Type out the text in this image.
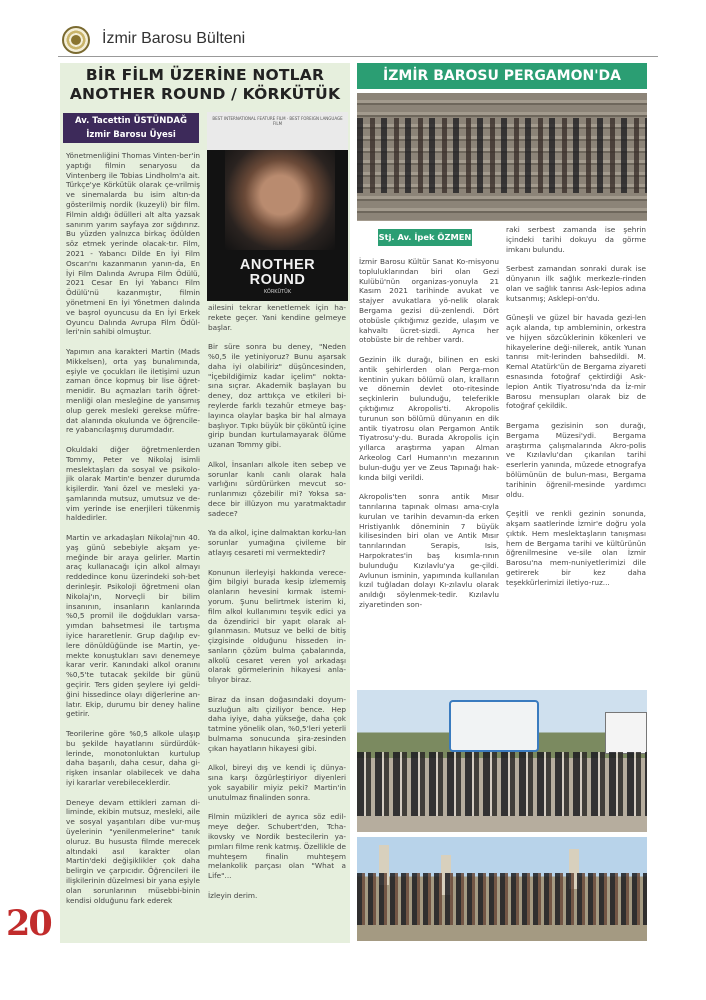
İzmir Barosu Bülteni
BİR FİLM ÜZERİNE NOTLAR
ANOTHER ROUND / KÖRKÜTÜK
Av. Tacettin ÜSTÜNDAĞ
İzmir Barosu Üyesi
BEST INTERNATIONAL FEATURE FILM · BEST FOREIGN LANGUAGE FILM
ANOTHER
ROUND
KÖRKÜTÜK

Yönetmenliğini Thomas Vinten-ber'in yaptığı filmin senaryosu da Vintenberg ile Tobias Lindholm'a ait. Türkçe'ye Körkütük olarak çe-vrilmiş ve sinemalarda bu isim altın-da gösterilmiş nordik (kuzeyli) bir film. Filmin aldığı ödülleri alt alta yazsak sanırım yarım sayfaya zor sığdırırız. Bu yüzden yalnızca birkaç ödülden söz etmek yerinde olacak-tır. Film, 2021 - Yabancı Dilde En İyi Film Oscarı'nı kazanmanın yanın-da, En İyi Film Dalında Avrupa Film Ödülü, 2021 Cesar En İyi Yabancı Film Ödülü'nü kazanmıştır, filmin yönetmeni En İyi Yönetmen dalında ve başrol oyuncusu da En İyi Erkek Oyuncu Dalında Avrupa Film Ödül-leri'nin sahibi olmuştur.

Yapımın ana karakteri Martin (Mads Mikkelsen), orta yaş bunalımında, eşiyle ve çocukları ile iletişimi uzun zaman önce kopmuş bir lise öğret-menidir. Bu açmazları tarih öğret-menliği olan mesleğine de yansımış olup gerek mesleki gerekse müfre-dat alanında okulunda ve öğrencile-re yabancılaşmış durumdadır.

Okuldaki diğer öğretmenlerden Tommy, Peter ve Nikolaj isimli meslektaşları da sosyal ve psikolo-jik olarak Martin'e benzer durumda kişilerdir. Yani özel ve mesleki ya-şamlarında mutsuz, umutsuz ve de-vim yerinde ise enerjileri tükenmiş haldedirler.

Martin ve arkadaşları Nikolaj'nın 40. yaş günü sebebiyle akşam ye-meğinde bir araya gelirler. Martin araç kullanacağı için alkol almayı reddedince konu üzerindeki soh-bet derinleşir. Psikoloji öğretmeni olan Nikolaj'ın, Norveçli bir bilim insanının, insanların kanlarında %0,5 promil ile doğdukları varsa-yımdan bahsetmesi ile tartışma iyice hararetlenir. Grup dağılıp ev-lere dönüldüğünde ise Martin, ye-mekte konuştukları savı denemeye karar verir. Kanındaki alkol oranını %0,5'te tutacak şekilde bir günü geçirir. Ters giden şeylere iyi geldi-ğini hissedince olayı diğerlerine an-latır. Ekip, durumu bir deney haline getirir.

Teorilerine göre %0,5 alkole ulaşıp bu şekilde hayatlarını sürdürdük-lerinde, monotonluktan kurtulup daha başarılı, daha cesur, daha gi-rişken insanlar olabilecek ve daha iyi kararlar verebileceklerdir.

Deneye devam ettikleri zaman di-liminde, ekibin mutsuz, mesleki, aile ve sosyal yaşantıları dibe vur-muş üyelerinin "yenilenmelerine" tanık oluruz. Bu hususta filmde merecek altındaki asıl karakter olan Martin'deki değişiklikler çok daha belirgin ve çarpıcıdır. Öğrencileri ile ilişkilerinin düzelmesi bir yana eşiyle olan sorunlarının müsebbi-binin kendisi olduğunu fark ederek

ailesini tekrar kenetlemek için ha-rekete geçer. Yani kendine gelmeye başlar.

Bir süre sonra bu deney, "Neden %0,5 ile yetiniyoruz? Bunu aşarsak daha iyi olabiliriz" düşüncesinden, "İçebildiğimiz kadar içelim" nokta-sına sıçrar. Akademik başlayan bu deney, doz arttıkça ve etkileri bi-reylerde farklı tezahür etmeye baş-layınca olaylar başka bir hal almaya başlıyor. Tıpkı büyük bir çöküntü içine girip bundan kurtulamayarak ölüme uzanan Tommy gibi.

Alkol, İnsanları alkole iten sebep ve sorunlar kanlı canlı olarak hala varlığını sürdürürken mevcut so-runlarımızı çözebilir mi? Yoksa sa-dece bir illüzyon mu yaratmaktadır sadece?

Ya da alkol, içine dalmaktan korku-lan sorunlar yumağına çivileme bir atlayış cesareti mi vermektedir?

Konunun ilerleyişi hakkında verece-ğim bilgiyi burada kesip izlememiş olanların hevesini kırmak istemi-yorum. Şunu belirtmek isterim ki, film alkol kullanımını teşvik edici ya da özendirici bir yapıt olarak al-gılanmasın. Mutsuz ve belki de bitiş çizgisinde olduğunu hisseden in-sanların çözüm bulma çabalarında, alkolü cesaret veren yol arkadaşı olarak görmelerinin hikayesi anla-tılıyor biraz.

Biraz da insan doğasındaki doyum-suzluğun altı çiziliyor bence. Hep daha iyiye, daha yükseğe, daha çok tatmine yönelik olan, %0,5'leri yeterli bulmama sonucunda şira-zesinden çıkan hayatların hikayesi gibi.

Alkol, bireyi dış ve kendi iç dünya-sına karşı özgürleştiriyor diyenleri yok sayabilir miyiz peki? Martin'in unutulmaz finalinden sonra.

Filmin müzikleri de ayrıca söz edil-meye değer. Schubert'den, Tcha-ikovsky ve Nordik bestecilerin ya-pımları filme renk katmış. Özellikle de muhteşem finalin muhteşem melankolik parçası olan "What a Life"...

İzleyin derim.

İZMİR BAROSU PERGAMON'DA
Stj. Av. İpek ÖZMEN

İzmir Barosu Kültür Sanat Ko-misyonu topluluklarından biri olan Gezi Kulübü'nün organizas-yonuyla 21 Kasım 2021 tarihinde avukat ve stajyer avukatlara yö-nelik olarak Bergama gezisi dü-zenlendi. Dört otobüsle çıktığımız gezide, ulaşım ve kahvaltı ücret-sizdi. Ayrıca her otobüste bir de rehber vardı.

Gezinin ilk durağı, bilinen en eski antik şehirlerden olan Perga-mon kentinin yukarı bölümü olan, kralların ve dönemin devlet oto-ritesinde seçkinlerin bulunduğu, teleferikle çıktığımız Akropolis'ti. Akropolis turunun son bölümü dünyanın en dik antik tiyatrosu olan Pergamon Antik Tiyatrosu'y-du. Burada Akropolis için yıllarca araştırma yapan Alman Arkeolog Carl Humann'ın mezarının bulun-duğu yer ve Zeus Tapınağı hak-kında bilgi verildi.

Akropolis'ten sonra antik Mısır tanrılarına tapınak olması ama-cıyla kurulan ve tarihin devamın-da erken Hristiyanlık döneminin 7 büyük kilisesinden biri olan ve Antik Mısır tanrılarından Serapis, Isis, Harpokrates'in baş kısımla-rının bulunduğu Kızılavlu'ya ge-çildi. Avlunun isminin, yapımında kullanılan kızıl tuğladan dolayı Kı-zılavlu olarak anıldığı söylenmek-tedir. Kızılavlu ziyaretinden son-

raki serbest zamanda ise şehrin içindeki tarihi dokuyu da görme imkanı bulundu.

Serbest zamandan sonraki durak ise dünyanın ilk sağlık merkezle-rinden olan ve sağlık tanrısı Ask-lepios adına kutsanmış; Asklepi-on'du.

Güneşli ve güzel bir havada gezi-len açık alanda, tıp ambleminin, orkestra ve hijyen sözcüklerinin kökenleri ve hikayelerine deği-nilerek, antik Yunan tanrısı mit-lerinden bahsedildi. M. Kemal Atatürk'ün de Bergama ziyareti esnasında fotoğraf çektirdiği Ask-lepion Antik Tiyatrosu'nda da İz-mir Barosu mensupları olarak biz de fotoğraf çekildik.

Bergama gezisinin son durağı, Bergama Müzesi'ydi. Bergama araştırma çalışmalarında Akro-polis ve Kızılavlu'dan çıkarılan tarihi eserlerin yanında, müzede etnografya bölümünün de bulun-ması, Bergama tarihinin öğrenil-mesinde yardımcı oldu.

Çeşitli ve renkli gezinin sonunda, akşam saatlerinde İzmir'e doğru yola çıktık. Hem meslektaşların tanışması hem de Bergama tarihi ve kültürünün öğrenilmesine ve-sile olan İzmir Barosu'na mem-nuniyetlerimizi dile getirerek bir kez daha teşekkürlerimizi iletiyo-ruz...

20
